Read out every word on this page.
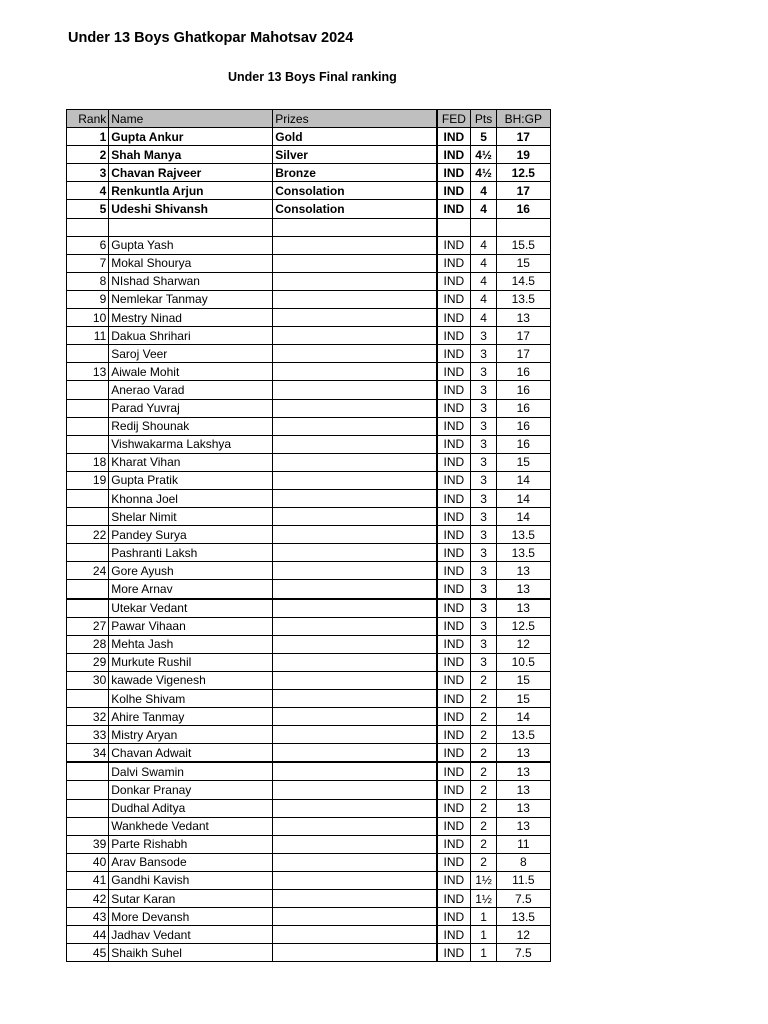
Under 13 Boys Ghatkopar Mahotsav 2024
Under 13 Boys Final ranking
Rank	Name	Prizes		FED	Pts	BH:GP
1	Gupta Ankur	Gold		IND	5	17
2	Shah Manya	Silver		IND	4½	19
3	Chavan Rajveer	Bronze		IND	4½	12.5
4	Renkuntla Arjun	Consolation		IND	4	17
5	Udeshi Shivansh	Consolation		IND	4	16

6	Gupta Yash			IND	4	15.5
7	Mokal Shourya			IND	4	15
8	NIshad Sharwan			IND	4	14.5
9	Nemlekar Tanmay			IND	4	13.5
10	Mestry Ninad			IND	4	13
11	Dakua Shrihari			IND	3	17
	Saroj Veer			IND	3	17
13	Aiwale Mohit			IND	3	16
	Anerao Varad			IND	3	16
	Parad Yuvraj			IND	3	16
	Redij Shounak			IND	3	16
	Vishwakarma Lakshya			IND	3	16
18	Kharat Vihan			IND	3	15
19	Gupta Pratik			IND	3	14
	Khonna Joel			IND	3	14
	Shelar Nimit			IND	3	14
22	Pandey Surya			IND	3	13.5
	Pashranti Laksh			IND	3	13.5
24	Gore Ayush			IND	3	13
	More Arnav			IND	3	13
	Utekar Vedant			IND	3	13
27	Pawar Vihaan			IND	3	12.5
28	Mehta Jash			IND	3	12
29	Murkute Rushil			IND	3	10.5
30	kawade Vigenesh			IND	2	15
	Kolhe Shivam			IND	2	15
32	Ahire Tanmay			IND	2	14
33	Mistry Aryan			IND	2	13.5
34	Chavan Adwait			IND	2	13
	Dalvi Swamin			IND	2	13
	Donkar Pranay			IND	2	13
	Dudhal Aditya			IND	2	13
	Wankhede Vedant			IND	2	13
39	Parte Rishabh			IND	2	11
40	Arav Bansode			IND	2	8
41	Gandhi Kavish			IND	1½	11.5
42	Sutar Karan			IND	1½	7.5
43	More Devansh			IND	1	13.5
44	Jadhav Vedant			IND	1	12
45	Shaikh Suhel			IND	1	7.5
